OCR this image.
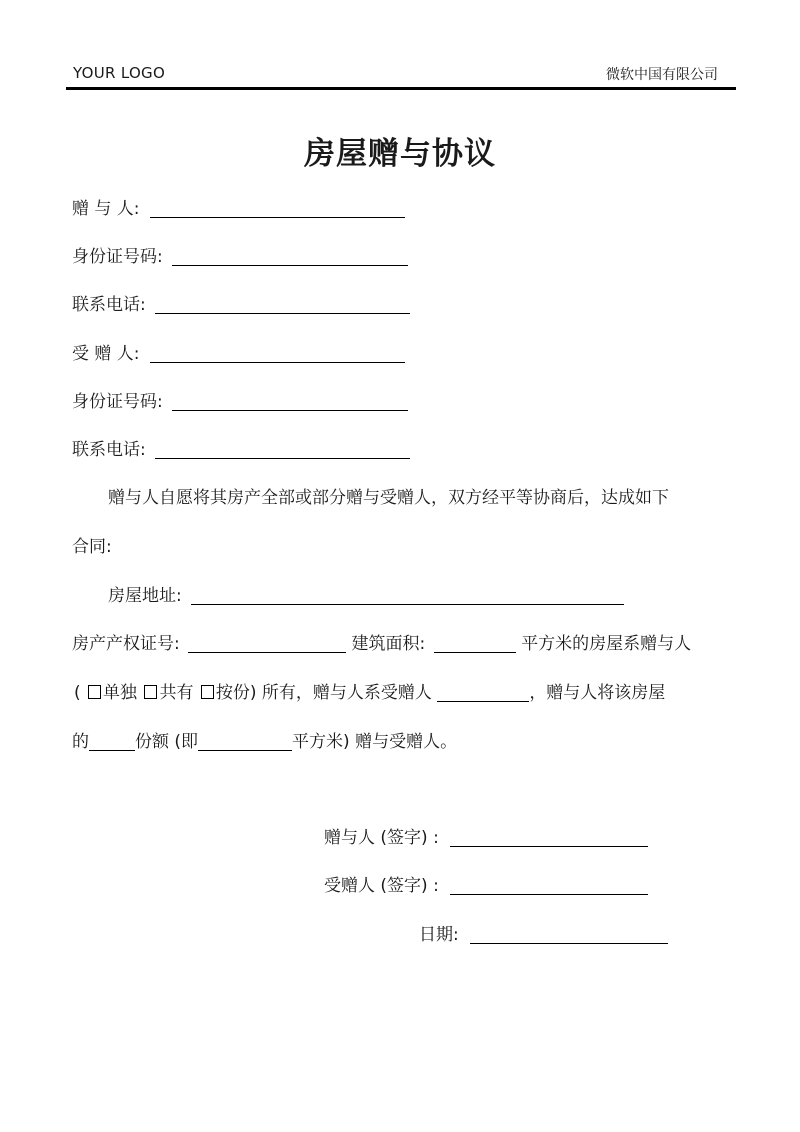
YOUR LOGO	微软中国有限公司
房屋赠与协议
赠 与 人:
身份证号码:
联系电话:
受 赠 人:
身份证号码:
联系电话:
赠与人自愿将其房产全部或部分赠与受赠人，双方经平等协商后，达成如下
合同:
房屋地址:
房产产权证号:	建筑面积:	平方米的房屋系赠与人
( 单独 共有 按份) 所有，赠与人系受赠人	，赠与人将该房屋
的	份额 (即	平方米) 赠与受赠人。
赠与人 (签字) :
受赠人 (签字) :
日期:
